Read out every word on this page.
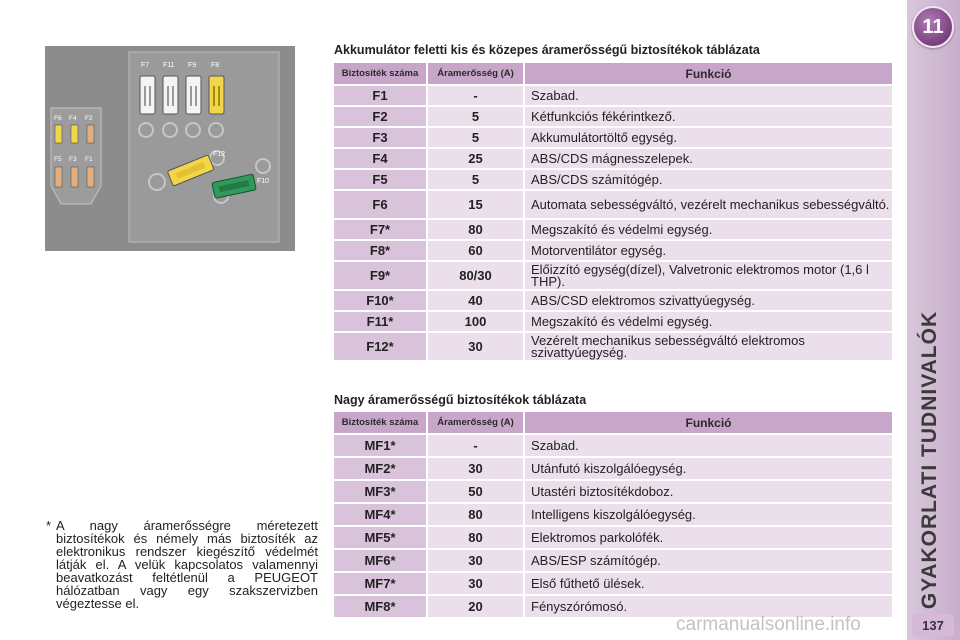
11
GYAKORLATI TUDNIVALÓK
137
F7 F11 F9 F8
F12
F10
F6 F4 F2
F5 F3 F1
Akkumulátor feletti kis és közepes áramerősségű biztosítékok táblázata
Biztosíték száma	Áramerősség (A)	Funkció
F1	-	Szabad.
F2	5	Kétfunkciós fékérintkező.
F3	5	Akkumulátortöltő egység.
F4	25	ABS/CDS mágnesszelepek.
F5	5	ABS/CDS számítógép.
F6	15	Automata sebességváltó, vezérelt mechanikus sebességváltó.
F7*	80	Megszakító és védelmi egység.
F8*	60	Motorventilátor egység.
F9*	80/30	Előizzító egység(dízel), Valvetronic elektromos motor (1,6 l THP).
F10*	40	ABS/CSD elektromos szivattyúegység.
F11*	100	Megszakító és védelmi egység.
F12*	30	Vezérelt mechanikus sebességváltó elektromos szivattyúegység.
Nagy áramerősségű biztosítékok táblázata
Biztosíték száma	Áramerősség (A)	Funkció
MF1*	-	Szabad.
MF2*	30	Utánfutó kiszolgálóegység.
MF3*	50	Utastéri biztosítékdoboz.
MF4*	80	Intelligens kiszolgálóegység.
MF5*	80	Elektromos parkolófék.
MF6*	30	ABS/ESP számítógép.
MF7*	30	Első fűthető ülések.
MF8*	20	Fényszórómosó.
* A nagy áramerősségre méretezett biztosítékok és némely más biztosíték az elektronikus rendszer kiegészítő védelmét látják el. A velük kapcsolatos valamennyi beavatkozást feltétlenül a PEUGEOT hálózatban vagy egy szakszervizben végeztesse el.
carmanualsonline.info
